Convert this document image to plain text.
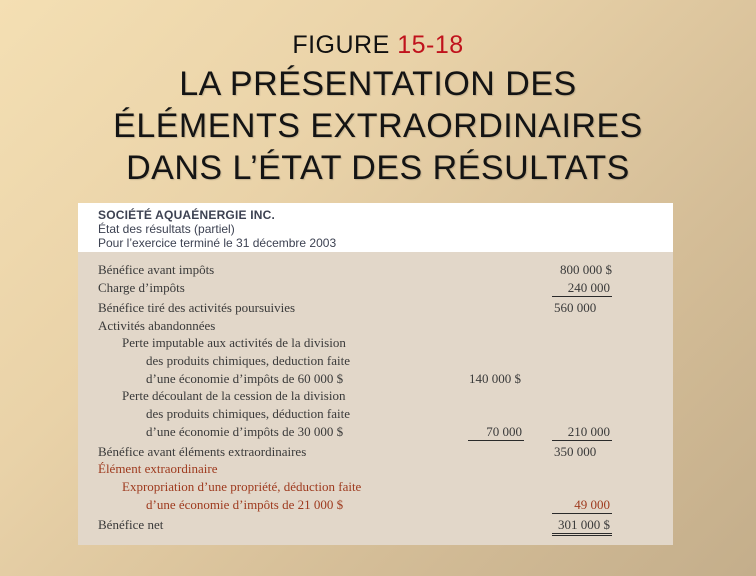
FIGURE 15-18
LA PRÉSENTATION DES
ÉLÉMENTS EXTRAORDINAIRES
DANS L’ÉTAT DES RÉSULTATS
SOCIÉTÉ AQUAÉNERGIE INC.
État des résultats (partiel)
Pour l’exercice terminé le 31 décembre 2003
Bénéfice avant impôts	800 000 $
Charge d’impôts	240 000
Bénéfice tiré des activités poursuivies	560 000
Activités abandonnées
Perte imputable aux activités de la division
des produits chimiques, deduction faite
d’une économie d’impôts de 60 000 $	140 000 $
Perte découlant de la cession de la division
des produits chimiques, déduction faite
d’une économie d’impôts de 30 000 $	70 000	210 000
Bénéfice avant éléments extraordinaires	350 000
Élément extraordinaire
Expropriation d’une propriété, déduction faite
d’une économie d’impôts de 21 000 $	49 000
Bénéfice net	301 000 $
